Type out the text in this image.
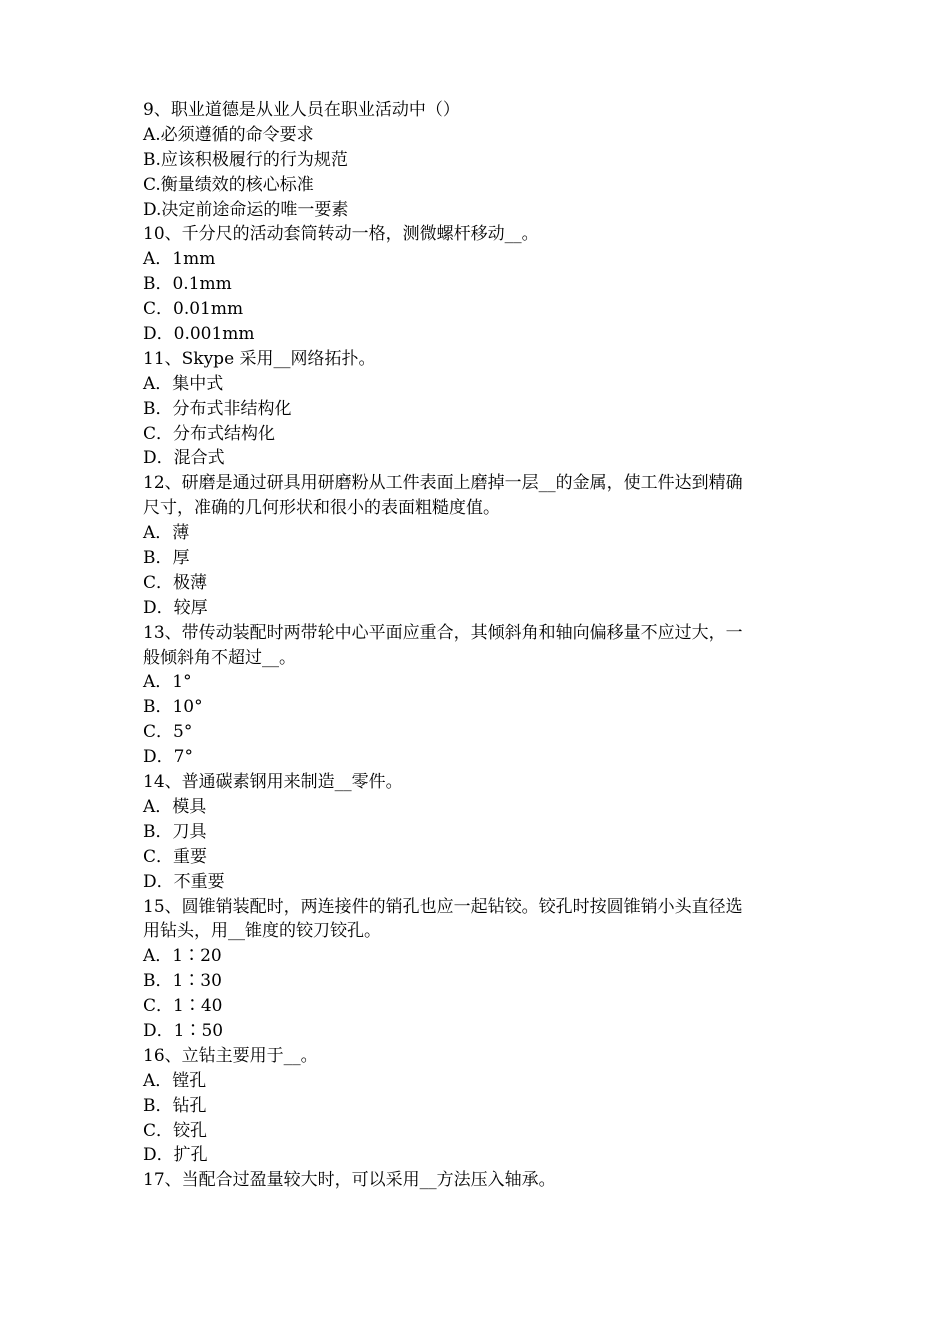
9、职业道德是从业人员在职业活动中（）
A.必须遵循的命令要求
B.应该积极履行的行为规范
C.衡量绩效的核心标准
D.决定前途命运的唯一要素
10、千分尺的活动套筒转动一格，测微螺杆移动__。
A．1mm
B．0.1mm
C．0.01mm
D．0.001mm
11、Skype 采用__网络拓扑。
A．集中式
B．分布式非结构化
C．分布式结构化
D．混合式
12、研磨是通过研具用研磨粉从工件表面上磨掉一层__的金属，使工件达到精确
尺寸，准确的几何形状和很小的表面粗糙度值。
A．薄
B．厚
C．极薄
D．较厚
13、带传动装配时两带轮中心平面应重合，其倾斜角和轴向偏移量不应过大，一
般倾斜角不超过__。
A．1°
B．10°
C．5°
D．7°
14、普通碳素钢用来制造__零件。
A．模具
B．刀具
C．重要
D．不重要
15、圆锥销装配时，两连接件的销孔也应一起钻铰。铰孔时按圆锥销小头直径选
用钻头，用__锥度的铰刀铰孔。
A．1∶20
B．1∶30
C．1∶40
D．1∶50
16、立钻主要用于__。
A．镗孔
B．钻孔
C．铰孔
D．扩孔
17、当配合过盈量较大时，可以采用__方法压入轴承。
